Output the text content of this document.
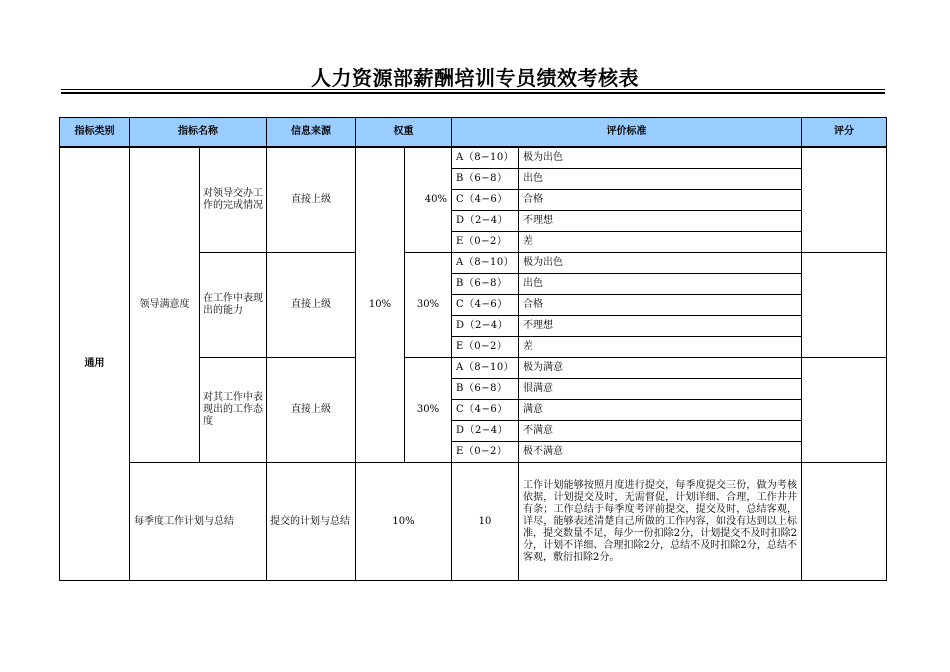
人力资源部薪酬培训专员绩效考核表
指标类别	指标名称		信息来源	权重		评价标准		评分
通用	领导满意度	对领导交办工作的完成情况	直接上级	10%	40%	A（8−10）	极为出色	
						B（6−8）	出色	
						C（4−6）	合格	
						D（2−4）	不理想	
						E（0−2）	差	
		在工作中表现出的能力	直接上级		30%	A（8−10）	极为出色	
						B（6−8）	出色	
						C（4−6）	合格	
						D（2−4）	不理想	
						E（0−2）	差	
		对其工作中表现出的工作态度	直接上级		30%	A（8−10）	极为满意	
						B（6−8）	很满意	
						C（4−6）	满意	
						D（2−4）	不满意	
						E（0−2）	极不满意	
	每季度工作计划与总结		提交的计划与总结	10%		10	工作计划能够按照月度进行提交，每季度提交三份，做为考核依据，计划提交及时，无需督促，计划详细、合理，工作井井有条；工作总结于每季度考评前提交，提交及时，总结客观，详尽，能够表述清楚自己所做的工作内容，如没有达到以上标准，提交数量不足，每少一份扣除2分，计划提交不及时扣除2分，计划不详细、合理扣除2分，总结不及时扣除2分，总结不客观，敷衍扣除2分。	
